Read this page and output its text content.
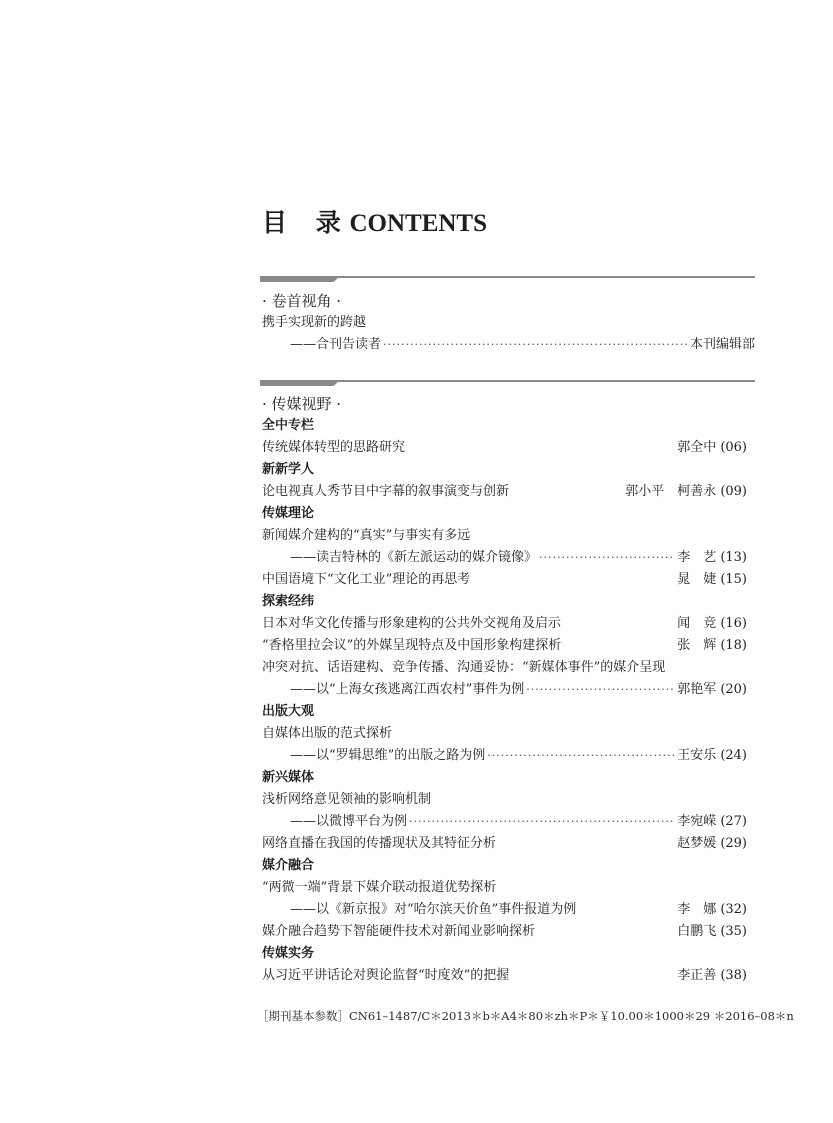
目 录 CONTENTS
· 卷首视角 ·
携手实现新的跨越
——合刊告读者 ·····	本刊编辑部
· 传媒视野 ·
全中专栏
传统媒体转型的思路研究	郭全中 (06)
新新学人
论电视真人秀节目中字幕的叙事演变与创新	郭小平　柯善永 (09)
传媒理论
新闻媒介建构的“真实”与事实有多远
——读吉特林的《新左派运动的媒介镜像》 ·····	李　艺 (13)
中国语境下“文化工业”理论的再思考	晁　婕 (15)
探索经纬
日本对华文化传播与形象建构的公共外交视角及启示	闻　竞 (16)
“香格里拉会议”的外媒呈现特点及中国形象构建探析	张　辉 (18)
冲突对抗、话语建构、竞争传播、沟通妥协：“新媒体事件”的媒介呈现
——以“上海女孩逃离江西农村”事件为例 ·····	郭艳军 (20)
出版大观
自媒体出版的范式探析
——以“罗辑思维”的出版之路为例 ·····	王安乐 (24)
新兴媒体
浅析网络意见领袖的影响机制
——以微博平台为例 ·····	李宛嵘 (27)
网络直播在我国的传播现状及其特征分析	赵梦媛 (29)
媒介融合
“两微一端”背景下媒介联动报道优势探析
——以《新京报》对“哈尔滨天价鱼”事件报道为例	李　娜 (32)
媒介融合趋势下智能硬件技术对新闻业影响探析	白鹏飞 (35)
传媒实务
从习近平讲话论对舆论监督“时度效”的把握	李正善 (38)
［期刊基本参数］CN61–1487/C＊2013＊b＊A4＊80＊zh＊P＊￥10.00＊1000＊29 ＊2016–08＊n
